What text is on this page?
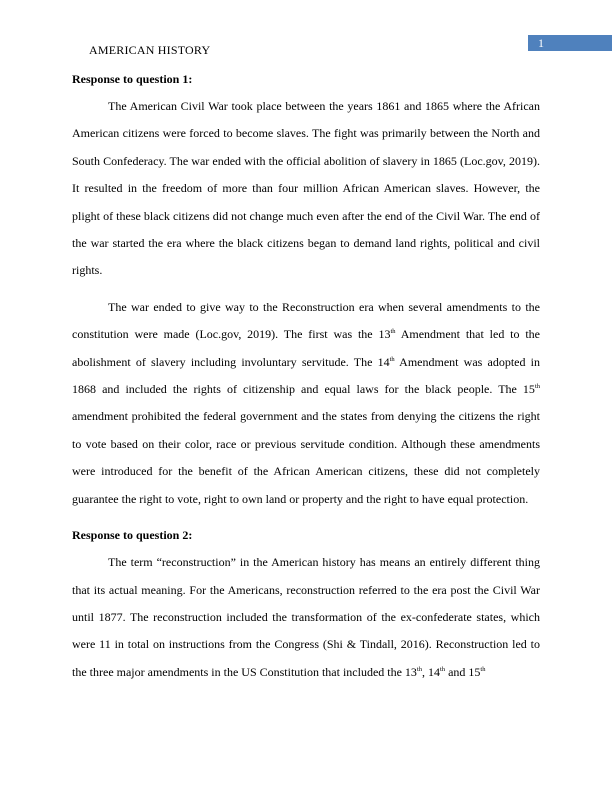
AMERICAN HISTORY	1

Response to question 1:

The American Civil War took place between the years 1861 and 1865 where the African American citizens were forced to become slaves. The fight was primarily between the North and South Confederacy. The war ended with the official abolition of slavery in 1865 (Loc.gov, 2019). It resulted in the freedom of more than four million African American slaves. However, the plight of these black citizens did not change much even after the end of the Civil War. The end of the war started the era where the black citizens began to demand land rights, political and civil rights.

The war ended to give way to the Reconstruction era when several amendments to the constitution were made (Loc.gov, 2019). The first was the 13th Amendment that led to the abolishment of slavery including involuntary servitude. The 14th Amendment was adopted in 1868 and included the rights of citizenship and equal laws for the black people. The 15th amendment prohibited the federal government and the states from denying the citizens the right to vote based on their color, race or previous servitude condition. Although these amendments were introduced for the benefit of the African American citizens, these did not completely guarantee the right to vote, right to own land or property and the right to have equal protection.

Response to question 2:

The term “reconstruction” in the American history has means an entirely different thing that its actual meaning. For the Americans, reconstruction referred to the era post the Civil War until 1877. The reconstruction included the transformation of the ex-confederate states, which were 11 in total on instructions from the Congress (Shi & Tindall, 2016). Reconstruction led to the three major amendments in the US Constitution that included the 13th, 14th and 15th
